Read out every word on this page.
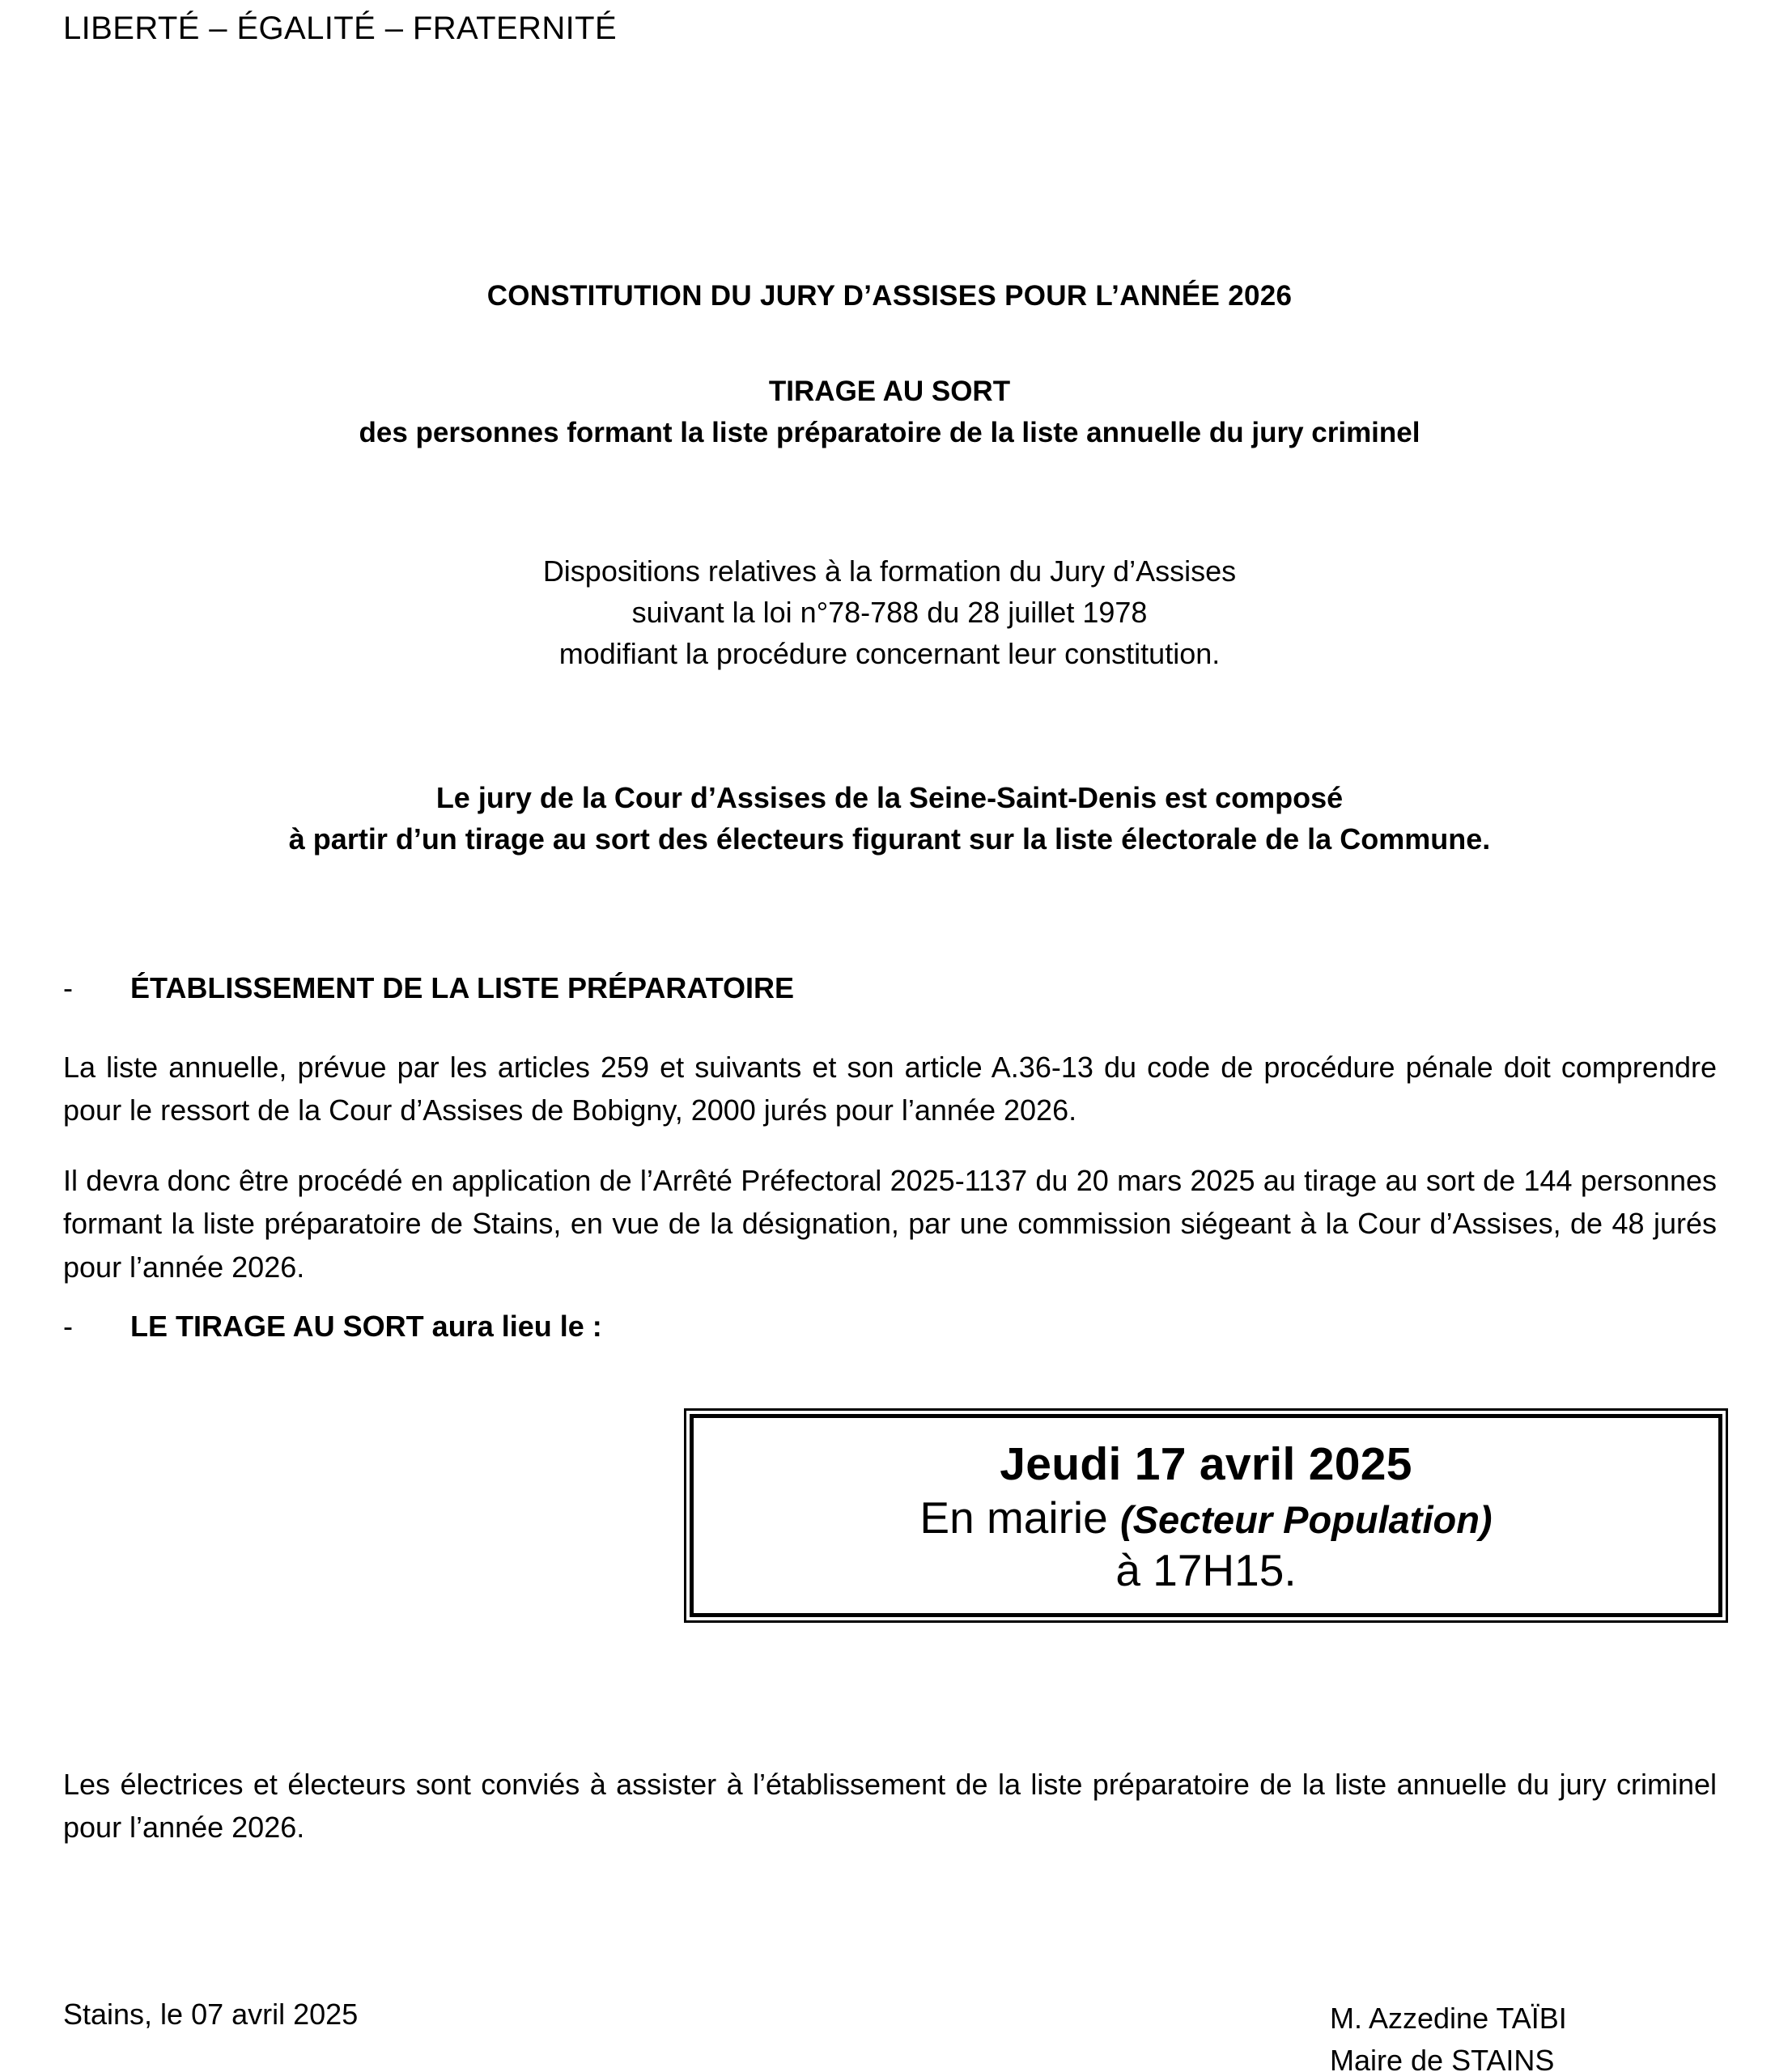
LIBERTÉ – ÉGALITÉ – FRATERNITÉ
CONSTITUTION DU JURY D’ASSISES POUR L’ANNÉE 2026
TIRAGE AU SORT
des personnes formant la liste préparatoire de la liste annuelle du jury criminel
Dispositions relatives à la formation du Jury d’Assises
suivant la loi n°78-788 du 28 juillet 1978
modifiant la procédure concernant leur constitution.
Le jury de la Cour d’Assises de la Seine-Saint-Denis est composé
à partir d’un tirage au sort des électeurs figurant sur la liste électorale de la Commune.
- ÉTABLISSEMENT DE LA LISTE PRÉPARATOIRE
La liste annuelle, prévue par les articles 259 et suivants et son article A.36-13 du code de procédure pénale doit comprendre pour le ressort de la Cour d’Assises de Bobigny, 2000 jurés pour l’année 2026.
Il devra donc être procédé en application de l’Arrêté Préfectoral 2025-1137 du 20 mars 2025 au tirage au sort de 144 personnes formant la liste préparatoire de Stains, en vue de la désignation, par une commission siégeant à la Cour d’Assises, de 48 jurés pour l’année 2026.
- LE TIRAGE AU SORT aura lieu le :
Jeudi 17 avril 2025
En mairie (Secteur Population)
à 17H15.
Les électrices et électeurs sont conviés à assister à l’établissement de la liste préparatoire de la liste annuelle du jury criminel pour l’année 2026.
Stains, le 07 avril 2025	M. Azzedine TAÏBI
Maire de STAINS
